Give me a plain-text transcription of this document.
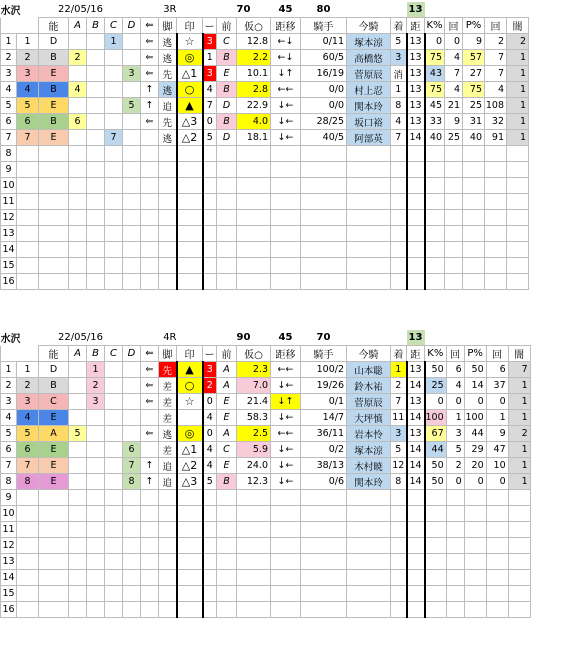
水沢		22/05/16				3R					70		45	80			13					
		能	A	B	C	D	⇐	脚	印	ー	前	仮○	距移	騎手	今騎	着	距	K%	回	P%	回	闇
1	1	D			1		⇐	逃	☆	3	C	12.8	←↓	0/11	塚本涼	5	13	0	0	9	2	2
2	2	B	2				⇐	逃	◎	1	B	2.2	←↓	60/5	高橋悠	3	13	75	4	57	7	1
3	3	E				3	⇐	先	△1	3	E	10.1	↓↑	16/19	菅原辰	消	13	43	7	27	7	1
4	4	B	4				↑	逃	○	4	B	2.8	←←	0/0	村上忍	1	13	75	4	75	4	1
5	5	E				5	↑	追	▲	7	D	22.9	↓←	0/0	関本玲	8	13	45	21	25	108	1
6	6	B	6				⇐	先	△3	0	B	4.0	↓←	28/25	坂口裕	4	13	33	9	31	32	1
7	7	E			7			逃	△2	5	D	18.1	↓←	40/5	阿部英	7	14	40	25	40	91	1
8																						
9																						
10																						
11																						
12																						
13																						
14																						
15																						
16																						
水沢		22/05/16				4R					90		45	70			13					
		能	A	B	C	D	⇐	脚	印	ー	前	仮○	距移	騎手	今騎	着	距	K%	回	P%	回	闇
1	1	D		1			⇐	先	▲	3	A	2.3	←←	100/2	山本聡	1	13	50	6	50	6	7
2	2	B		2			⇐	差	○	2	A	7.0	↓←	19/26	鈴木祐	2	14	25	4	14	37	1
3	3	C		3			⇐	差	☆	0	E	21.4	↓↑	0/1	菅原辰	7	13	0	0	0	0	1
4	4	E						差		4	E	58.3	↓←	14/7	大坪慎	11	14	100	1	100	1	1
5	5	A	5				⇐	逃	◎	0	A	2.5	←←	36/11	岩本怜	3	13	67	3	44	9	2
6	6	E				6		差	△1	4	C	5.9	↓←	0/2	塚本涼	5	14	44	5	29	47	1
7	7	E				7	↑	追	△2	4	E	24.0	↓←	38/13	木村暁	12	14	50	2	20	10	1
8	8	E				8	↑	追	△3	5	B	12.3	↓←	0/6	関本玲	8	14	50	0	0	0	1
9																						
10																						
11																						
12																						
13																						
14																						
15																						
16																						
